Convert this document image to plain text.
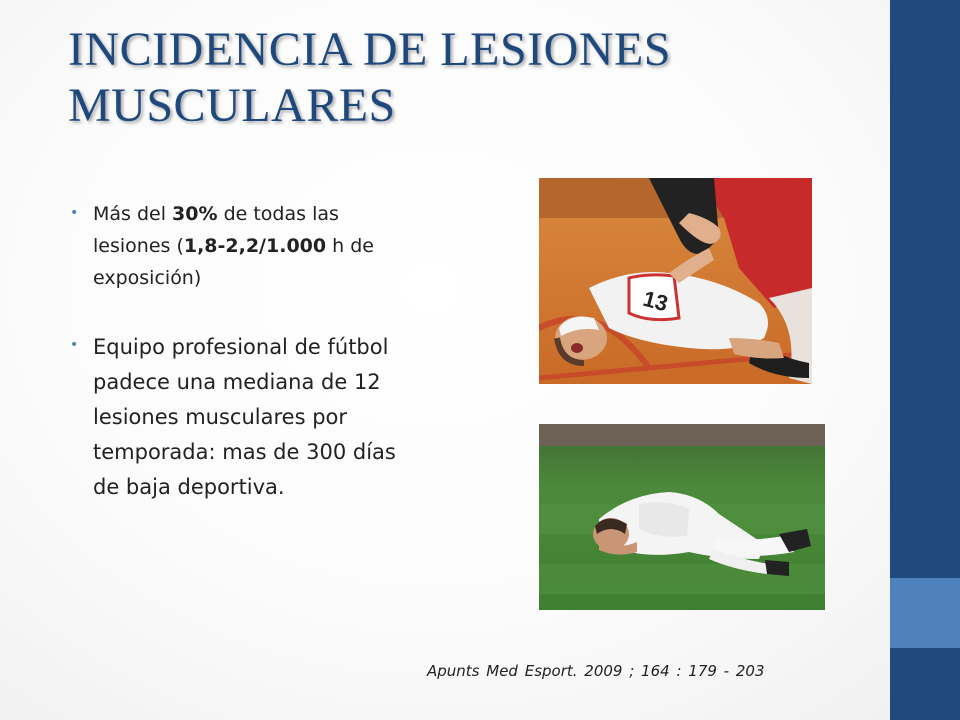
INCIDENCIA DE LESIONES
MUSCULARES
• Más del 30% de todas las lesiones (1,8-2,2/1.000 h de exposición)
• Equipo profesional de fútbol padece una mediana de 12 lesiones musculares por temporada: mas de 300 días de baja deportiva.
13
Apunts Med Esport. 2009 ; 164 : 179 - 203
